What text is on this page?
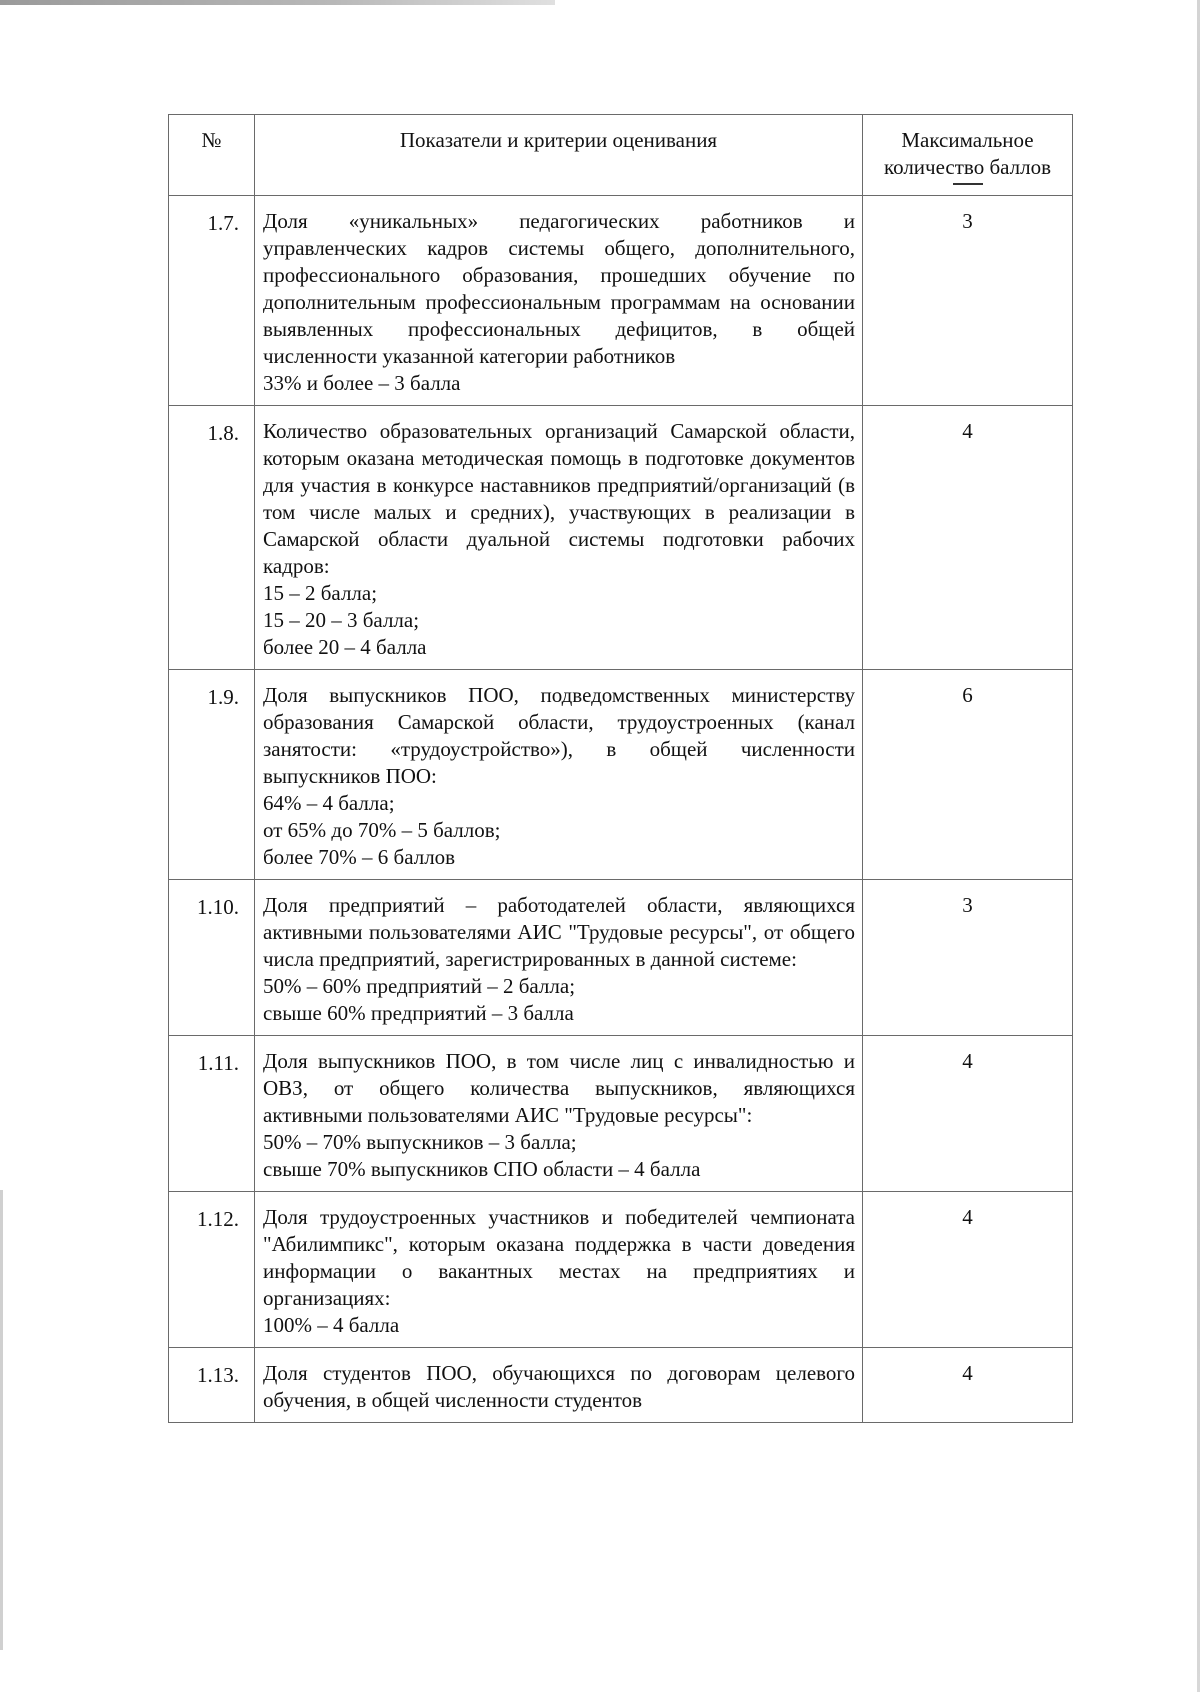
№	Показатели и критерии оценивания	Максимальное количество баллов

1.7.	Доля «уникальных» педагогических работников и управленческих кадров системы общего, дополнительного, профессионального образования, прошедших обучение по дополнительным профессиональным программам на основании выявленных профессиональных дефицитов, в общей численности указанной категории работников
33% и более – 3 балла	3
1.8.	Количество образовательных организаций Самарской области, которым оказана методическая помощь в подготовке документов для участия в конкурсе наставников предприятий/организаций (в том числе малых и средних), участвующих в реализации в Самарской области дуальной системы подготовки рабочих кадров:
15 – 2 балла;
15 – 20 – 3 балла;
более 20 – 4 балла	4
1.9.	Доля выпускников ПОО, подведомственных министерству образования Самарской области, трудоустроенных (канал занятости: «трудоустройство»), в общей численности выпускников ПОО:
64% – 4 балла;
от 65% до 70% – 5 баллов;
более 70% – 6 баллов	6
1.10.	Доля предприятий – работодателей области, являющихся активными пользователями АИС "Трудовые ресурсы", от общего числа предприятий, зарегистрированных в данной системе:
50% – 60% предприятий – 2 балла;
свыше 60% предприятий – 3 балла	3
1.11.	Доля выпускников ПОО, в том числе лиц с инвалидностью и ОВЗ, от общего количества выпускников, являющихся активными пользователями АИС "Трудовые ресурсы":
50% – 70% выпускников – 3 балла;
свыше 70% выпускников СПО области – 4 балла	4
1.12.	Доля трудоустроенных участников и победителей чемпионата "Абилимпикс", которым оказана поддержка в части доведения информации о вакантных местах на предприятиях и организациях:
100% – 4 балла	4
1.13.	Доля студентов ПОО, обучающихся по договорам целевого обучения, в общей численности студентов	4
